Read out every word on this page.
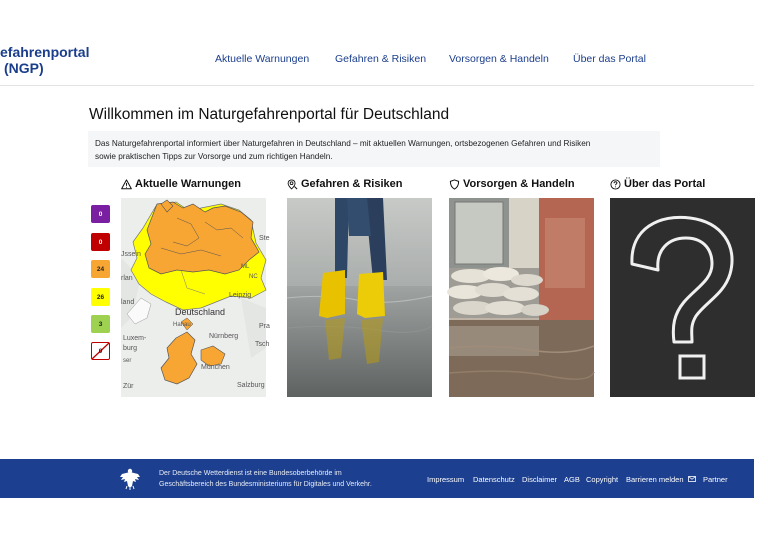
efahrenportal
(NGP)
Aktuelle Warnungen Gefahren & Risiken Vorsorgen & Handeln Über das Portal
Willkommen im Naturgefahrenportal für Deutschland
Das Naturgefahrenportal informiert über Naturgefahren in Deutschland – mit aktuellen Warnungen, ortsbezogenen Gefahren und Risiken
sowie praktischen Tipps zur Vorsorge und zum richtigen Handeln.
Aktuelle Warnungen	Gefahren & Risiken	Vorsorgen & Handeln	Über das Portal
0
0
24
26
3
0
Deutschland
Leipzig
Hanau
Nürnberg
München
Salzburg
Luxem-
burg
Zür
Pra
Ste
Tsch
Jssein
rlan
land
ML
NC
ser
Der Deutsche Wetterdienst ist eine Bundesoberbehörde im
Geschäftsbereich des Bundesministeriums für Digitales und Verkehr.	Impressum Datenschutz Disclaimer AGB Copyright Barrieren melden	Partner
